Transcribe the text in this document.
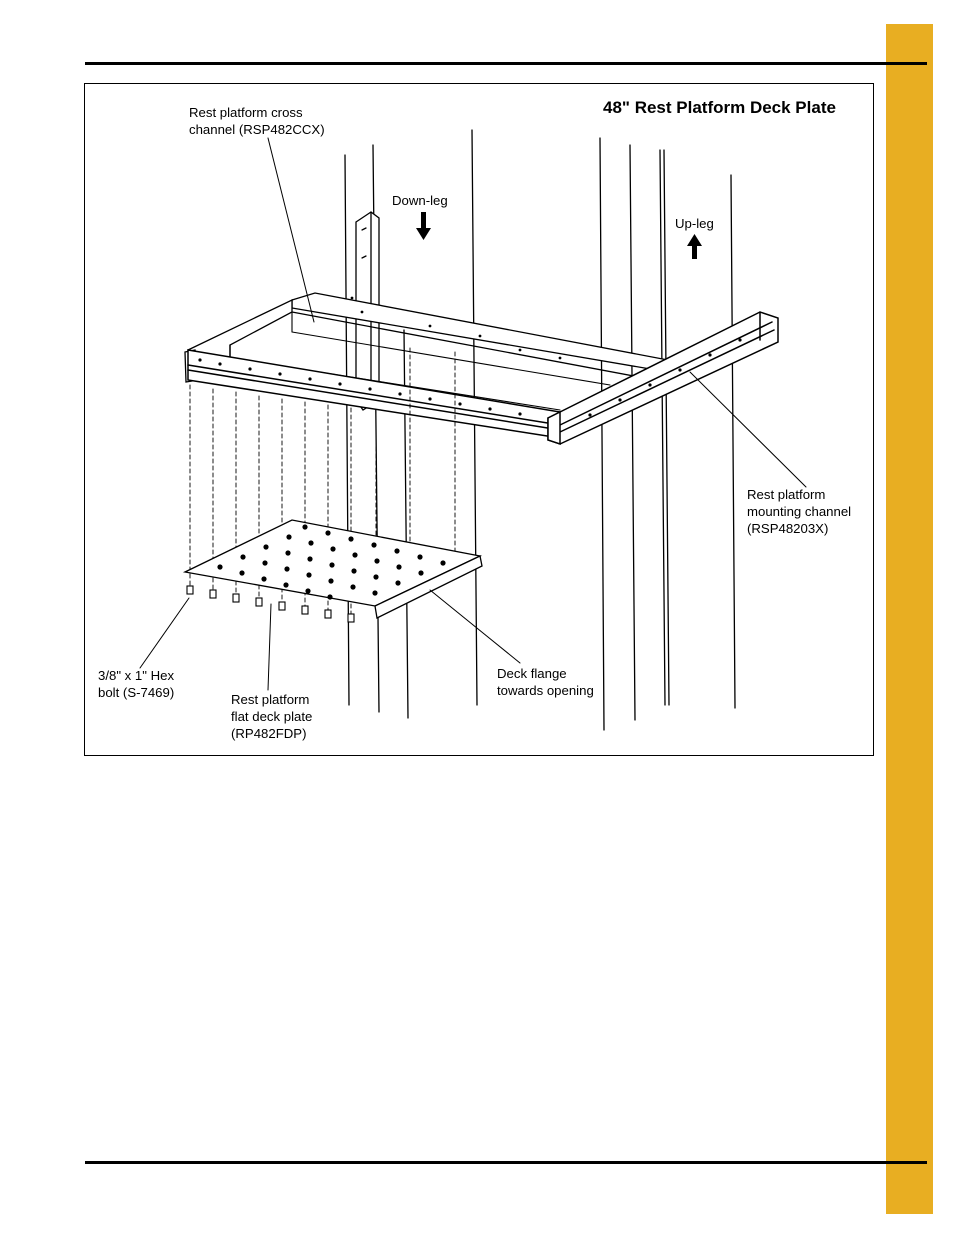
48" Rest Platform Deck Plate
Rest platform cross
channel (RSP482CCX)
Down-leg
Up-leg
Rest platform
mounting channel
(RSP48203X)
3/8" x 1" Hex
bolt (S-7469)	Rest platform
flat deck plate
(RP482FDP)
Deck flange
towards opening
